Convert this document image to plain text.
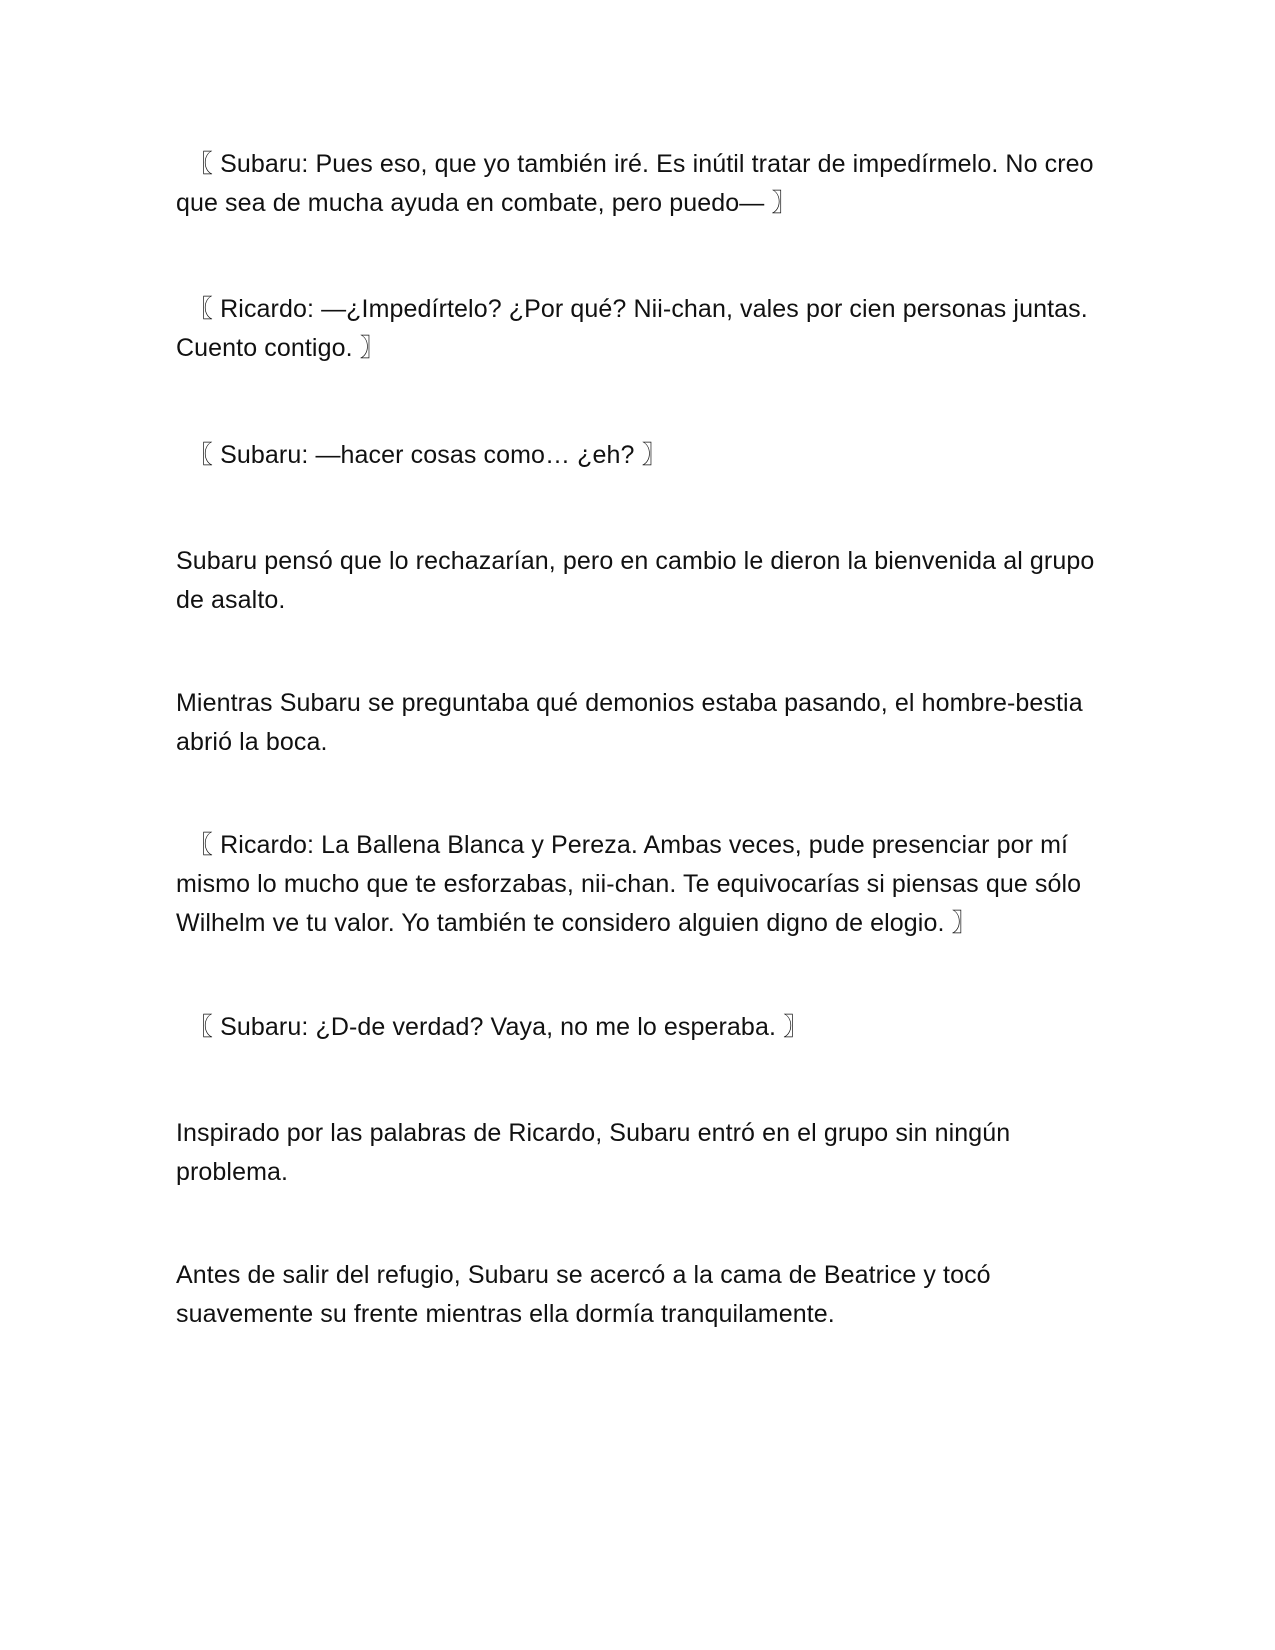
〖 Subaru: Pues eso, que yo también iré. Es inútil tratar de impedírmelo. No creo que sea de mucha ayuda en combate, pero puedo— 〗

〖 Ricardo: —¿Impedírtelo? ¿Por qué? Nii-chan, vales por cien personas juntas. Cuento contigo. 〗

〖 Subaru: —hacer cosas como… ¿eh? 〗

Subaru pensó que lo rechazarían, pero en cambio le dieron la bienvenida al grupo de asalto.

Mientras Subaru se preguntaba qué demonios estaba pasando, el hombre-bestia abrió la boca.

〖 Ricardo: La Ballena Blanca y Pereza. Ambas veces, pude presenciar por mí mismo lo mucho que te esforzabas, nii-chan. Te equivocarías si piensas que sólo Wilhelm ve tu valor. Yo también te considero alguien digno de elogio. 〗

〖 Subaru: ¿D-de verdad? Vaya, no me lo esperaba. 〗

Inspirado por las palabras de Ricardo, Subaru entró en el grupo sin ningún problema.

Antes de salir del refugio, Subaru se acercó a la cama de Beatrice y tocó suavemente su frente mientras ella dormía tranquilamente.
